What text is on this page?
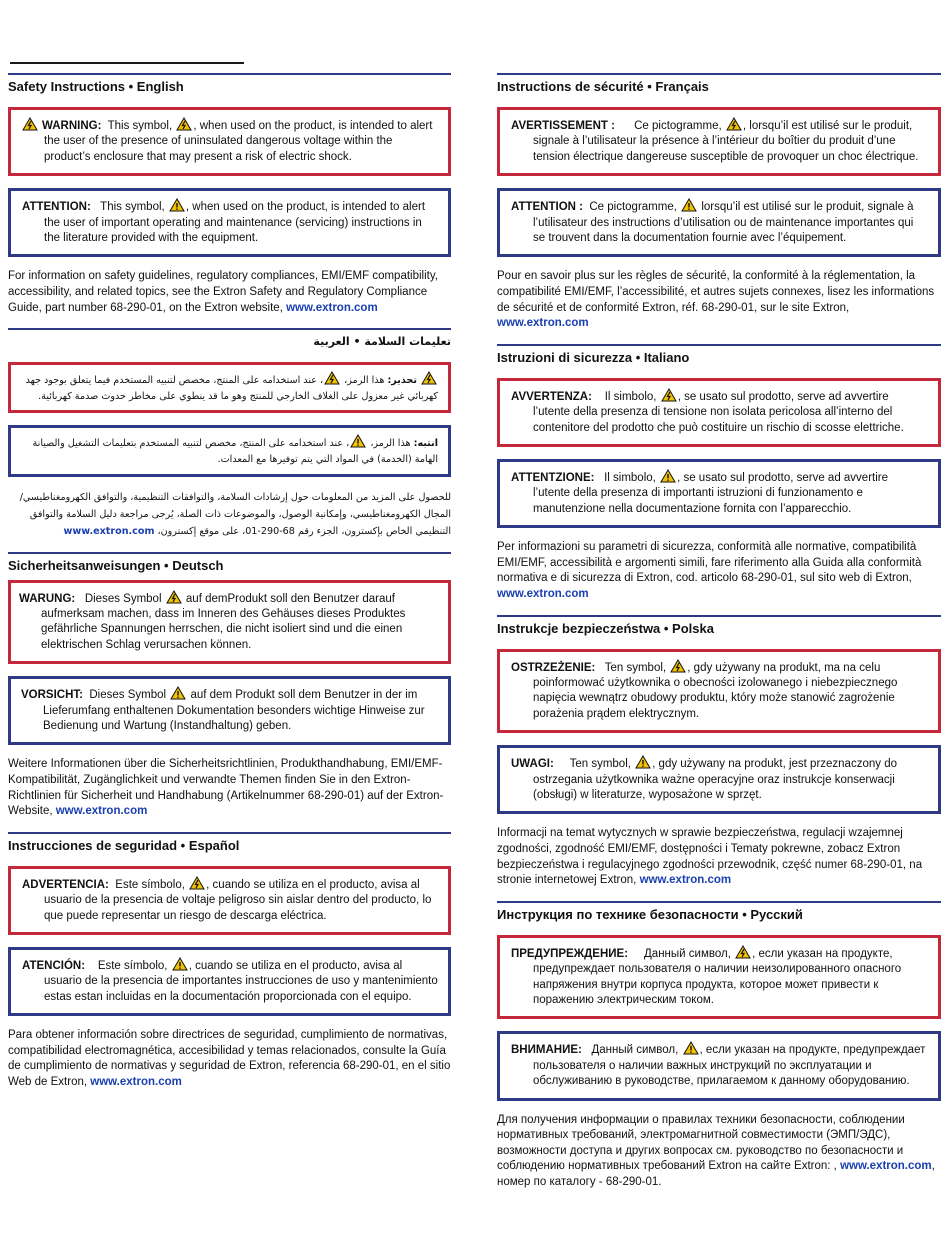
Safety Instructions • English
WARNING: This symbol, , when used on the product, is intended to alert the user of the presence of uninsulated dangerous voltage within the product’s enclosure that may present a risk of electric shock.
ATTENTION: This symbol, , when used on the product, is intended to alert the user of important operating and maintenance (servicing) instructions in the literature provided with the equipment.
For information on safety guidelines, regulatory compliances, EMI/EMF compatibility, accessibility, and related topics, see the Extron Safety and Regulatory Compliance Guide, part number 68-290-01, on the Extron website, www.extron.com
تعليمات السلامة • العربية
تحذير: هذا الرمز،
، عند استخدامه على المنتج، مخصص لتنبيه المستخدم فيما يتعلق بوجود جهد كهربائي غير معزول على الغلاف الخارجي للمنتج وهو ما قد ينطوي على مخاطر حدوث صدمة كهربائية.
انتبه: هذا الرمز،
، عند استخدامه على المنتج، مخصص لتنبيه المستخدم بتعليمات التشغيل والصيانة الهامة (الخدمة) في المواد التي يتم توفيرها مع المعدات.
للحصول على المزيد من المعلومات حول إرشادات السلامة، والتوافقات التنظيمية، والتوافق الكهرومغناطيسي/المجال الكهرومغناطيسي، وإمكانية الوصول، والموضوعات ذات الصلة، يُرجى مراجعة دليل السلامة والتوافق التنظيمي الخاص بإكسترون، الجزء رقم 68-290-01، على موقع إكسترون، www.extron.com
Sicherheitsanweisungen • Deutsch
WARUNG: Dieses Symbol
auf demProdukt soll den Benutzer darauf aufmerksam machen, dass im Inneren des Gehäuses dieses Produktes gefährliche Spannungen herrschen, die nicht isoliert sind und die einen elektrischen Schlag verursachen können.
VORSICHT: Dieses Symbol
auf dem Produkt soll dem Benutzer in der im Lieferumfang enthaltenen Dokumentation besonders wichtige Hinweise zur Bedienung und Wartung (Instandhaltung) geben.
Weitere Informationen über die Sicherheitsrichtlinien, Produkthandhabung, EMI/EMF-Kompatibilität, Zugänglichkeit und verwandte Themen finden Sie in den Extron-Richtlinien für Sicherheit und Handhabung (Artikelnummer 68-290-01) auf der Extron-Website, www.extron.com
Instrucciones de seguridad • Español
ADVERTENCIA: Este símbolo, , cuando se utiliza en el producto, avisa al usuario de la presencia de voltaje peligroso sin aislar dentro del producto, lo que puede representar un riesgo de descarga eléctrica.
ATENCIÓN: Este símbolo, , cuando se utiliza en el producto, avisa al usuario de la presencia de importantes instrucciones de uso y mantenimiento estas estan incluidas en la documentación proporcionada con el equipo.
Para obtener información sobre directrices de seguridad, cumplimiento de normativas, compatibilidad electromagnética, accesibilidad y temas relacionados, consulte la Guía de cumplimiento de normativas y seguridad de Extron, referencia 68-290-01, en el sitio Web de Extron, www.extron.com
Instructions de sécurité • Français
AVERTISSEMENT : Ce pictogramme, , lorsqu’il est utilisé sur le produit, signale à l’utilisateur la présence à l’intérieur du boîtier du produit d’une tension électrique dangereuse susceptible de provoquer un choc électrique.
ATTENTION : Ce pictogramme,
lorsqu’il est utilisé sur le produit, signale à l’utilisateur des instructions d’utilisation ou de maintenance importantes qui se trouvent dans la documentation fournie avec l’équipement.
Pour en savoir plus sur les règles de sécurité, la conformité à la réglementation, la compatibilité EMI/EMF, l’accessibilité, et autres sujets connexes, lisez les informations de sécurité et de conformité Extron, réf. 68-290-01, sur le site Extron, www.extron.com
Istruzioni di sicurezza • Italiano
AVVERTENZA: Il simbolo, , se usato sul prodotto, serve ad avvertire l’utente della presenza di tensione non isolata pericolosa all’interno del contenitore del prodotto che può costituire un rischio di scosse elettriche.
ATTENTZIONE: Il simbolo, , se usato sul prodotto, serve ad avvertire l’utente della presenza di importanti istruzioni di funzionamento e manutenzione nella documentazione fornita con l’apparecchio.
Per informazioni su parametri di sicurezza, conformità alle normative, compatibilità EMI/EMF, accessibilità e argomenti simili, fare riferimento alla Guida alla conformità normativa e di sicurezza di Extron, cod. articolo 68-290-01, sul sito web di Extron, www.extron.com
Instrukcje bezpieczeństwa • Polska
OSTRZEŻENIE: Ten symbol, , gdy używany na produkt, ma na celu poinformować użytkownika o obecności izolowanego i niebezpiecznego napięcia wewnątrz obudowy produktu, który może stanowić zagrożenie porażenia prądem elektrycznym.
UWAGI: Ten symbol, , gdy używany na produkt, jest przeznaczony do ostrzegania użytkownika ważne operacyjne oraz instrukcje konserwacji (obsługi) w literaturze, wyposażone w sprzęt.
Informacji na temat wytycznych w sprawie bezpieczeństwa, regulacji wzajemnej zgodności, zgodność EMI/EMF, dostępności i Tematy pokrewne, zobacz Extron bezpieczeństwa i regulacyjnego zgodności przewodnik, część numer 68-290-01, na stronie internetowej Extron, www.extron.com
Инструкция по технике безопасности • Русский
ПРЕДУПРЕЖДЕНИЕ: Данный символ, , если указан на продукте, предупреждает пользователя о наличии неизолированного опасного напряжения внутри корпуса продукта, которое может привести к поражению электрическим током.
ВНИМАНИЕ: Данный символ, , если указан на продукте, предупреждает пользователя о наличии важных инструкций по эксплуатации и обслуживанию в руководстве, прилагаемом к данному оборудованию.
Для получения информации о правилах техники безопасности, соблюдении нормативных требований, электромагнитной совместимости (ЭМП/ЭДС), возможности доступа и других вопросах см. руководство по безопасности и соблюдению нормативных требований Extron на сайте Extron: , www.extron.com, номер по каталогу - 68-290-01.
